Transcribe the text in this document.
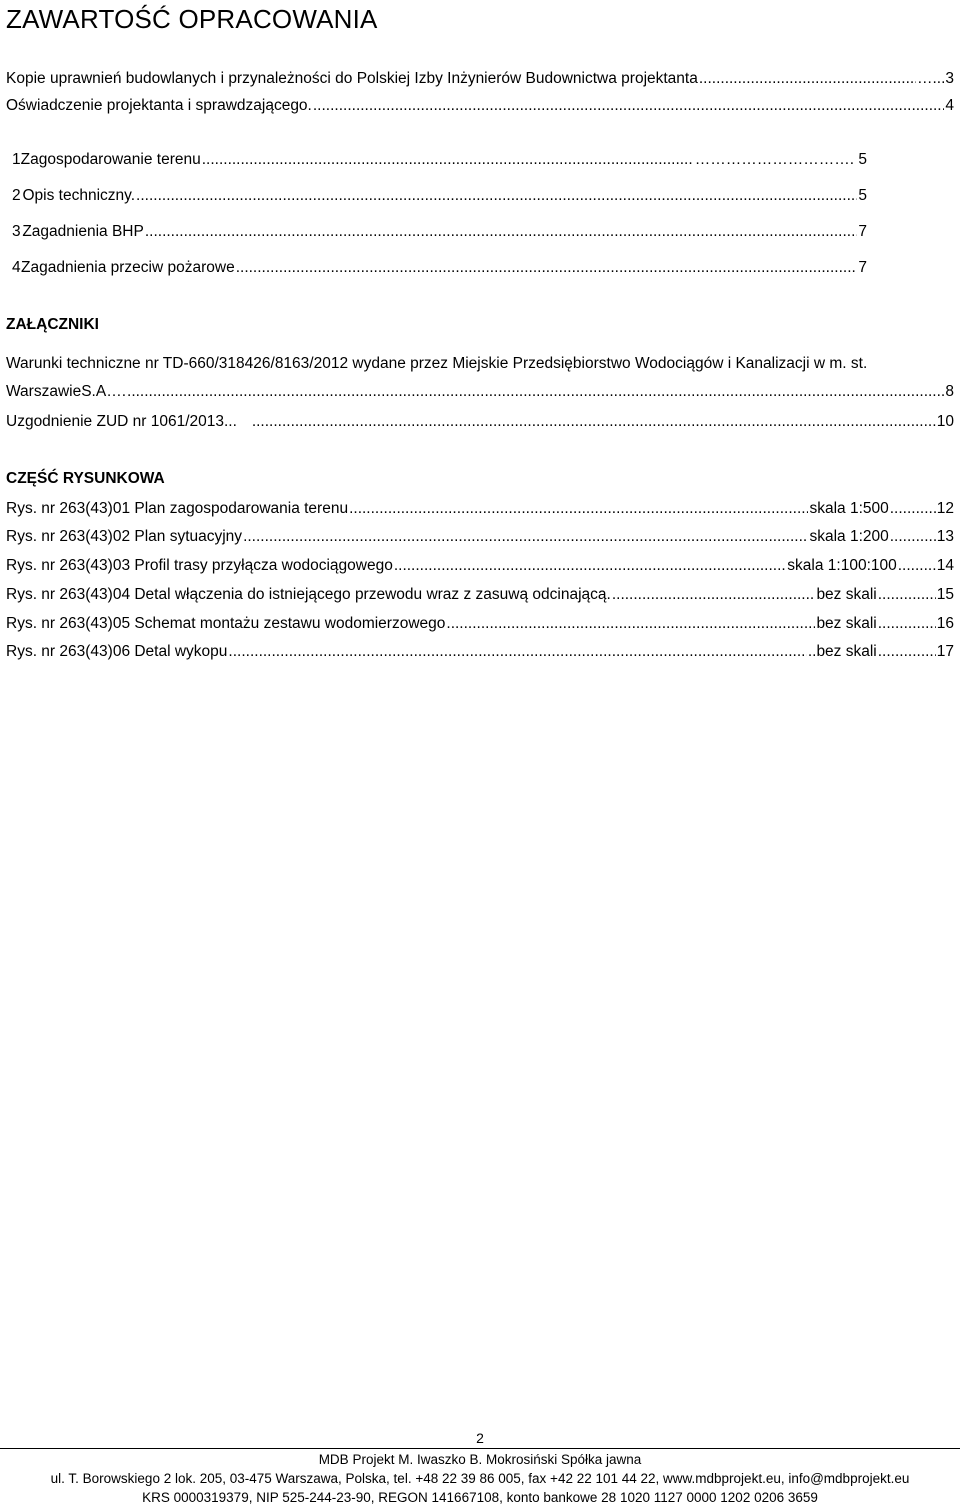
ZAWARTOŚĆ OPRACOWANIA
Kopie uprawnień budowlanych i przynależności do Polskiej Izby Inżynierów Budownictwa projektanta .....	…...3
Oświadczenie projektanta i sprawdzającego. .....	4
1 Zagospodarowanie terenu .....	…………………………. 5
2 Opis techniczny. .....	5
3 Zagadnienia BHP .....	7
4 Zagadnienia przeciw pożarowe .....	7
ZAŁĄCZNIKI
Warunki techniczne nr TD-660/318426/8163/2012 wydane przez Miejskie Przedsiębiorstwo Wodociągów i Kanalizacji w m. st.
WarszawieS.A…. .....	8
Uzgodnienie ZUD nr 1061/2013... .....	10
CZĘŚĆ RYSUNKOWA
Rys. nr 263(43)01 Plan zagospodarowania terenu .....	skala 1:500 .....	12
Rys. nr 263(43)02 Plan sytuacyjny .....	skala 1:200 .....	13
Rys. nr 263(43)03 Profil trasy przyłącza wodociągowego .....	skala 1:100:100 .....	14
Rys. nr 263(43)04 Detal włączenia do istniejącego przewodu wraz z zasuwą odcinającą. .....	bez skali .....	15
Rys. nr 263(43)05 Schemat montażu zestawu wodomierzowego .....	bez skali .....	16
Rys. nr 263(43)06 Detal wykopu .....	..bez skali .....	17
2
MDB Projekt M. Iwaszko B. Mokrosiński Spółka jawna
ul. T. Borowskiego 2 lok. 205, 03-475 Warszawa, Polska, tel. +48 22 39 86 005, fax +42 22 101 44 22, www.mdbprojekt.eu, info@mdbprojekt.eu
KRS 0000319379, NIP 525-244-23-90, REGON 141667108, konto bankowe 28 1020 1127 0000 1202 0206 3659
